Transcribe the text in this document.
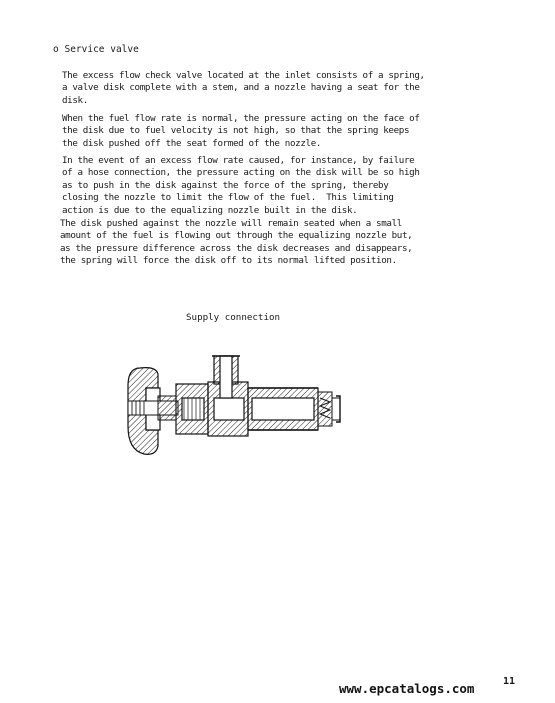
o Service valve
The excess flow check valve located at the inlet consists of a spring,
a valve disk complete with a stem, and a nozzle having a seat for the
disk.
When the fuel flow rate is normal, the pressure acting on the face of
the disk due to fuel velocity is not high, so that the spring keeps
the disk pushed off the seat formed of the nozzle.
In the event of an excess flow rate caused, for instance, by failure
of a hose connection, the pressure acting on the disk will be so high
as to push in the disk against the force of the spring, thereby
closing the nozzle to limit the flow of the fuel.  This limiting
action is due to the equalizing nozzle built in the disk.
The disk pushed against the nozzle will remain seated when a small
amount of the fuel is flowing out through the equalizing nozzle but,
as the pressure difference across the disk decreases and disappears,
the spring will force the disk off to its normal lifted position.
Supply connection
11
www.epcatalogs.com
